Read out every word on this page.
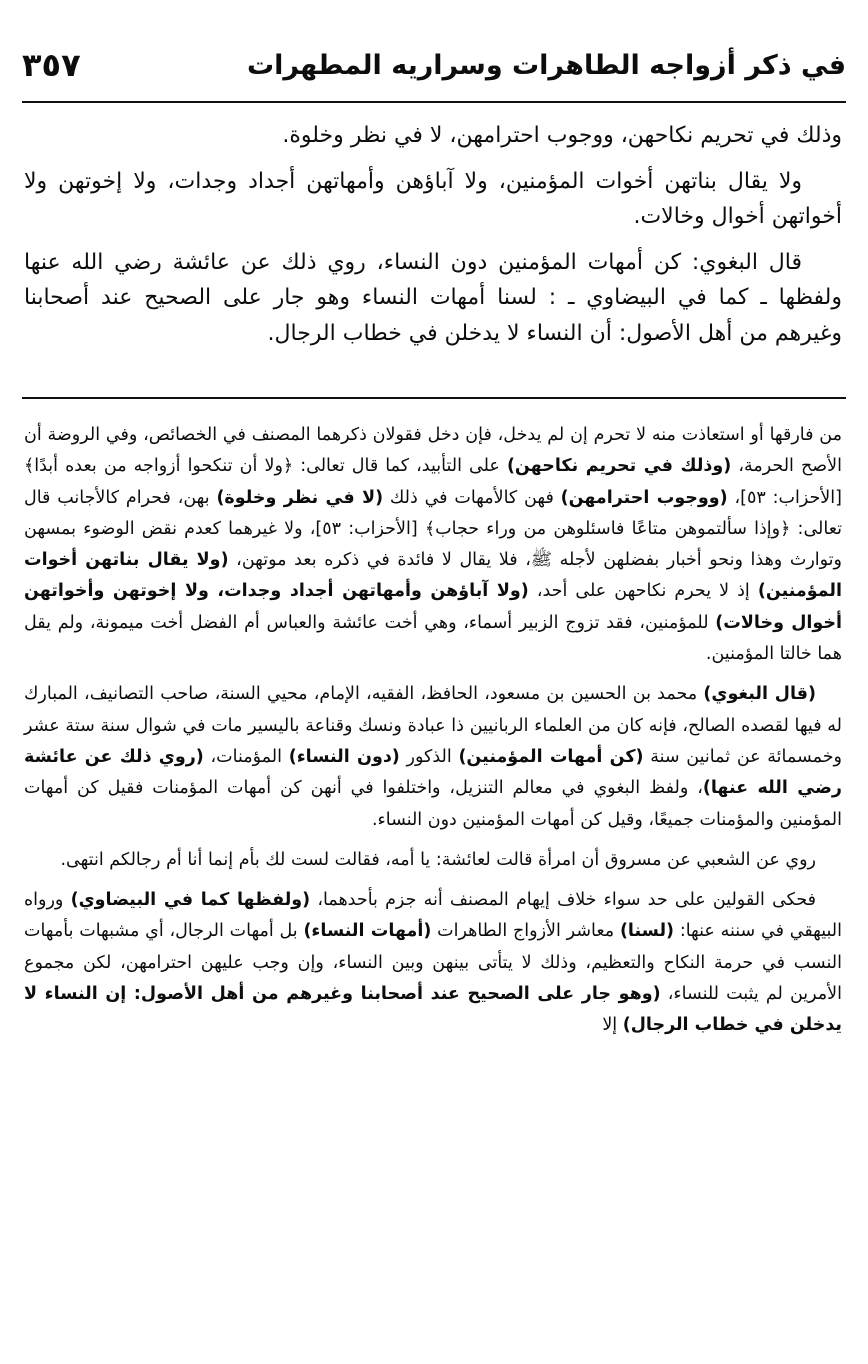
في ذكر أزواجه الطاهرات وسراريه المطهرات
٣٥٧

وذلك في تحريم نكاحهن، ووجوب احترامهن، لا في نظر وخلوة.

ولا يقال بناتهن أخوات المؤمنين، ولا آباؤهن وأمهاتهن أجداد وجدات، ولا إخوتهن ولا أخواتهن أخوال وخالات.

قال البغوي: كن أمهات المؤمنين دون النساء، روي ذلك عن عائشة رضي الله عنها ولفظها ـ كما في البيضاوي ـ : لسنا أمهات النساء وهو جار على الصحيح عند أصحابنا وغيرهم من أهل الأصول: أن النساء لا يدخلن في خطاب الرجال.

من فارقها أو استعاذت منه لا تحرم إن لم يدخل، فإن دخل فقولان ذكرهما المصنف في الخصائص، وفي الروضة أن الأصح الحرمة، (وذلك في تحريم نكاحهن) على التأبيد، كما قال تعالى: ﴿ولا أن تنكحوا أزواجه من بعده أبدًا﴾ [الأحزاب: ٥٣]، (ووجوب احترامهن) فهن كالأمهات في ذلك (لا في نظر وخلوة) بهن، فحرام كالأجانب قال تعالى: ﴿وإذا سألتموهن متاعًا فاسئلوهن من وراء حجاب﴾ [الأحزاب: ٥٣]، ولا غيرهما كعدم نقض الوضوء بمسهن وتوارث وهذا ونحو أخبار بفضلهن لأجله ﷺ، فلا يقال لا فائدة في ذكره بعد موتهن، (ولا يقال بناتهن أخوات المؤمنين) إذ لا يحرم نكاحهن على أحد، (ولا آباؤهن وأمهاتهن أجداد وجدات، ولا إخوتهن وأخواتهن أخوال وخالات) للمؤمنين، فقد تزوج الزبير أسماء، وهي أخت عائشة والعباس أم الفضل أخت ميمونة، ولم يقل هما خالتا المؤمنين.

(قال البغوي) محمد بن الحسين بن مسعود، الحافظ، الفقيه، الإمام، محيي السنة، صاحب التصانيف، المبارك له فيها لقصده الصالح، فإنه كان من العلماء الربانيين ذا عبادة ونسك وقناعة باليسير مات في شوال سنة ستة عشر وخمسمائة عن ثمانين سنة (كن أمهات المؤمنين) الذكور (دون النساء) المؤمنات، (روي ذلك عن عائشة رضي الله عنها)، ولفظ البغوي في معالم التنزيل، واختلفوا في أنهن كن أمهات المؤمنات فقيل كن أمهات المؤمنين والمؤمنات جميعًا، وقيل كن أمهات المؤمنين دون النساء.

روي عن الشعبي عن مسروق أن امرأة قالت لعائشة: يا أمه، فقالت لست لك بأم إنما أنا أم رجالكم انتهى.

فحكى القولين على حد سواء خلاف إيهام المصنف أنه جزم بأحدهما، (ولفظها كما في البيضاوي) ورواه البيهقي في سننه عنها: (لسنا) معاشر الأزواج الطاهرات (أمهات النساء) بل أمهات الرجال، أي مشبهات بأمهات النسب في حرمة النكاح والتعظيم، وذلك لا يتأتى بينهن وبين النساء، وإن وجب عليهن احترامهن، لكن مجموع الأمرين لم يثبت للنساء، (وهو جار على الصحيح عند أصحابنا وغيرهم من أهل الأصول: إن النساء لا يدخلن في خطاب الرجال) إلا
